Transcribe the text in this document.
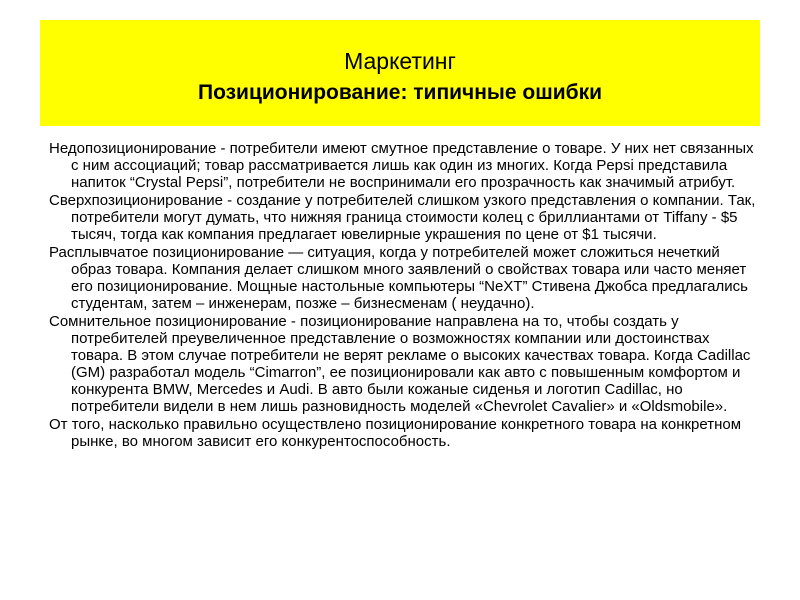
Маркетинг
Позиционирование: типичные ошибки

Недопозиционирование - потребители имеют смутное представление о товаре. У них нет связанных с ним ассоциаций; товар рассматривается лишь как один из многих. Когда Pepsi представила напиток “Crystal Pepsi”, потребители не воспринимали его прозрачность как значимый атрибут.

Сверхпозиционирование - создание у потребителей слишком узкого представления о компании. Так, потребители могут думать, что нижняя граница стоимости колец с бриллиантами от Tiffany - $5 тысяч, тогда как компания предлагает ювелирные украшения по цене от $1 тысячи.

Расплывчатое позиционирование — ситуация, когда у потребителей может сложиться нечеткий образ товара. Компания делает слишком много заявлений о свойствах товара или часто меняет его позиционирование. Мощные настольные компьютеры “NeXT” Стивена Джобса предлагались студентам, затем – инженерам, позже – бизнесменам ( неудачно).

Сомнительное позиционирование - позиционирование направлена на то, чтобы создать у потребителей преувеличенное представление о возможностях компании или достоинствах товара. В этом случае потребители не верят рекламе о высоких качествах товара. Когда Cadillac (GM) разработал модель “Cimarron”, ее позиционировали как авто с повышенным комфортом и конкурента BMW, Mercedes и Audi. В авто были кожаные сиденья и логотип Cadillac, но потребители видели в нем лишь разновидность моделей «Chevrolet Cavalier» и «Oldsmobile».

От того, насколько правильно осуществлено позиционирование конкретного товара на конкретном рынке, во многом зависит его конкурентоспособность.
